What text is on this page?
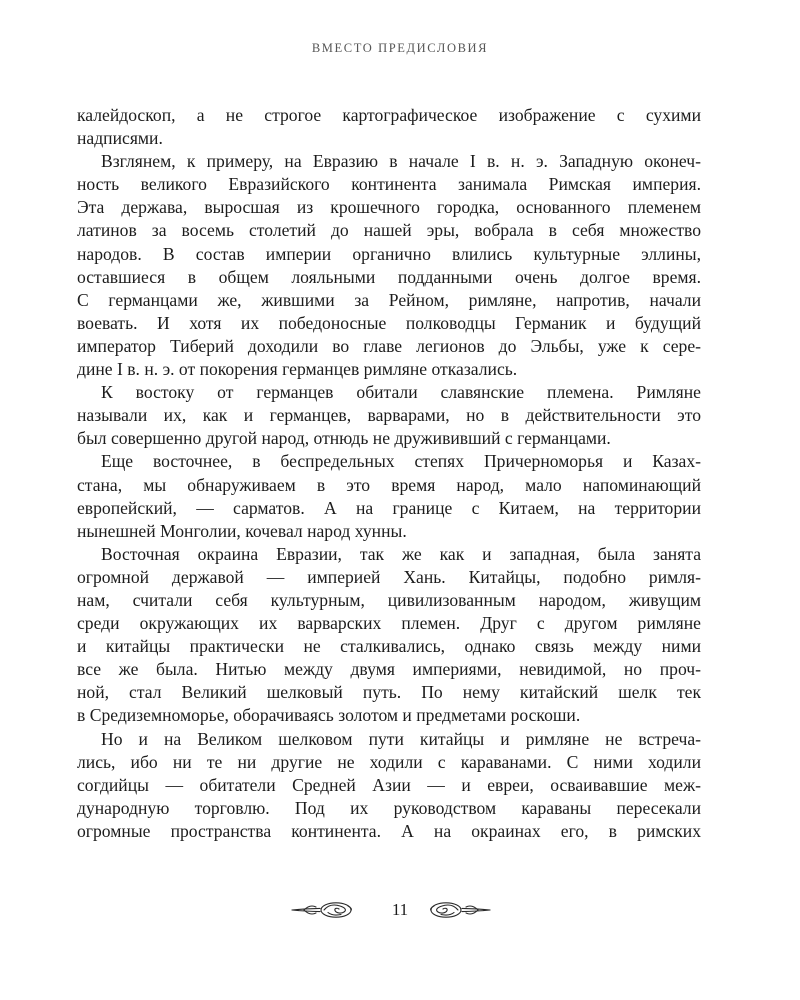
ВМЕСТО ПРЕДИСЛОВИЯ
калейдоскоп, а не строгое картографическое изображение с сухими
надписями.
Взглянем, к примеру, на Евразию в начале I в. н. э. Западную оконеч-
ность великого Евразийского континента занимала Римская империя.
Эта держава, выросшая из крошечного городка, основанного племенем
латинов за восемь столетий до нашей эры, вобрала в себя множество
народов. В состав империи органично влились культурные эллины,
оставшиеся в общем лояльными подданными очень долгое время.
С германцами же, жившими за Рейном, римляне, напротив, начали
воевать. И хотя их победоносные полководцы Германик и будущий
император Тиберий доходили во главе легионов до Эльбы, уже к сере-
дине I в. н. э. от покорения германцев римляне отказались.
К востоку от германцев обитали славянские племена. Римляне
называли их, как и германцев, варварами, но в действительности это
был совершенно другой народ, отнюдь не дружививший с германцами.
Еще восточнее, в беспредельных степях Причерноморья и Казах-
стана, мы обнаруживаем в это время народ, мало напоминающий
европейский, — сарматов. А на границе с Китаем, на территории
нынешней Монголии, кочевал народ хунны.
Восточная окраина Евразии, так же как и западная, была занята
огромной державой — империей Хань. Китайцы, подобно римля-
нам, считали себя культурным, цивилизованным народом, живущим
среди окружающих их варварских племен. Друг с другом римляне
и китайцы практически не сталкивались, однако связь между ними
все же была. Нитью между двумя империями, невидимой, но проч-
ной, стал Великий шелковый путь. По нему китайский шелк тек
в Средиземноморье, оборачиваясь золотом и предметами роскоши.
Но и на Великом шелковом пути китайцы и римляне не встреча-
лись, ибо ни те ни другие не ходили с караванами. С ними ходили
согдийцы — обитатели Средней Азии — и евреи, осваивавшие меж-
дународную торговлю. Под их руководством караваны пересекали
огромные пространства континента. А на окраинах его, в римских
11
